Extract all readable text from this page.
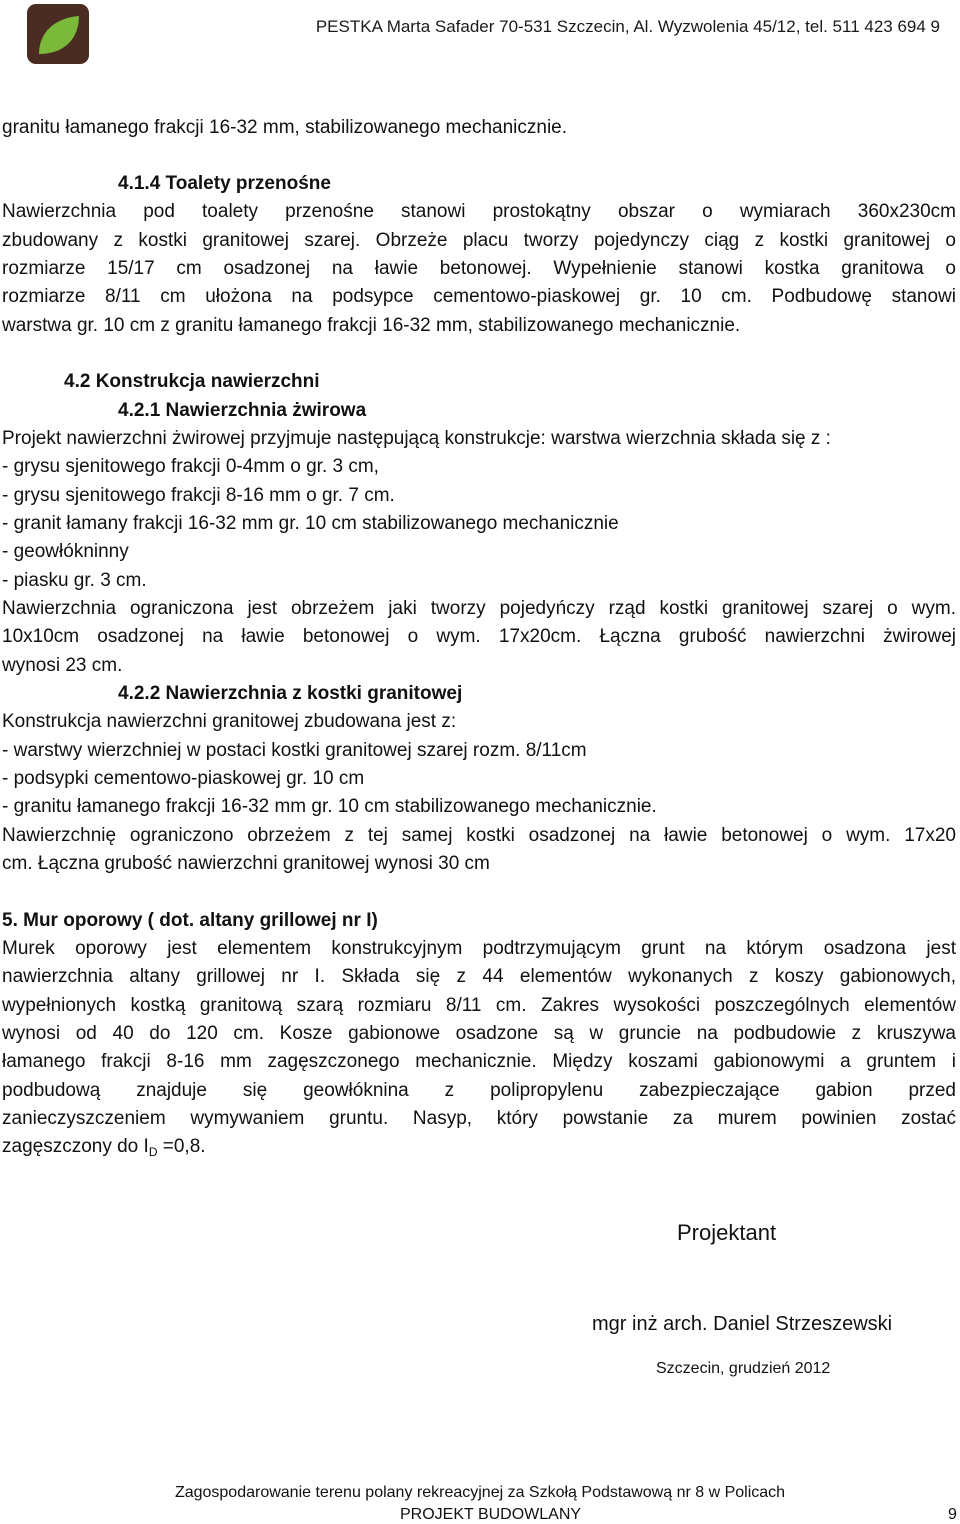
PESTKA Marta Safader 70-531 Szczecin, Al. Wyzwolenia 45/12, tel. 511 423 694 9
granitu łamanego frakcji 16-32 mm, stabilizowanego mechanicznie.
4.1.4 Toalety przenośne
Nawierzchnia pod toalety przenośne stanowi prostokątny obszar o wymiarach 360x230cm
zbudowany z kostki granitowej szarej. Obrzeże placu tworzy pojedynczy ciąg z kostki granitowej o
rozmiarze 15/17 cm osadzonej na ławie betonowej. Wypełnienie stanowi kostka granitowa o
rozmiarze 8/11 cm ułożona na podsypce cementowo-piaskowej gr. 10 cm. Podbudowę stanowi
warstwa gr. 10 cm z granitu łamanego frakcji 16-32 mm, stabilizowanego mechanicznie.
4.2 Konstrukcja nawierzchni
4.2.1 Nawierzchnia żwirowa
Projekt nawierzchni żwirowej przyjmuje następującą konstrukcje: warstwa wierzchnia składa się z :
- grysu sjenitowego frakcji 0-4mm o gr. 3 cm,
- grysu sjenitowego frakcji 8-16 mm o gr. 7 cm.
- granit łamany frakcji 16-32 mm gr. 10 cm stabilizowanego mechanicznie
- geowłókninny
- piasku gr. 3 cm.
Nawierzchnia ograniczona jest obrzeżem jaki tworzy pojedyńczy rząd kostki granitowej szarej o wym.
10x10cm osadzonej na ławie betonowej o wym. 17x20cm. Łączna grubość nawierzchni żwirowej
wynosi 23 cm.
4.2.2 Nawierzchnia z kostki granitowej
Konstrukcja nawierzchni granitowej zbudowana jest z:
- warstwy wierzchniej w postaci kostki granitowej szarej rozm. 8/11cm
- podsypki cementowo-piaskowej gr. 10 cm
- granitu łamanego frakcji 16-32 mm gr. 10 cm stabilizowanego mechanicznie.
Nawierzchnię ograniczono obrzeżem z tej samej kostki osadzonej na ławie betonowej o wym. 17x20
cm. Łączna grubość nawierzchni granitowej wynosi 30 cm
5. Mur oporowy ( dot. altany grillowej nr I)
Murek oporowy jest elementem konstrukcyjnym podtrzymującym grunt na którym osadzona jest
nawierzchnia altany grillowej nr I. Składa się z 44 elementów wykonanych z koszy gabionowych,
wypełnionych kostką granitową szarą rozmiaru 8/11 cm. Zakres wysokości poszczególnych elementów
wynosi od 40 do 120 cm. Kosze gabionowe osadzone są w gruncie na podbudowie z kruszywa
łamanego frakcji 8-16 mm zagęszczonego mechanicznie. Między koszami gabionowymi a gruntem i
podbudową znajduje się geowłóknina z polipropylenu zabezpieczające gabion przed
zanieczyszczeniem wymywaniem gruntu. Nasyp, który powstanie za murem powinien zostać
zagęszczony do $I_D =0,8$.
Projektant
mgr inż arch. Daniel Strzeszewski
Szczecin, grudzień 2012
Zagospodarowanie terenu polany rekreacyjnej za Szkołą Podstawową nr 8 w Policach
PROJEKT BUDOWLANY	9
